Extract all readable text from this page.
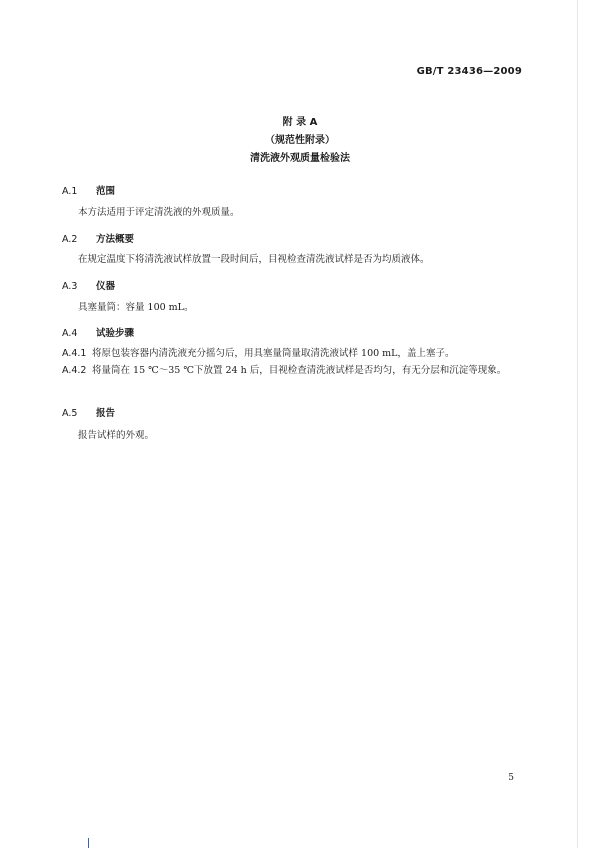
GB/T 23436—2009
附 录 A
（规范性附录）
清洗液外观质量检验法
A.1 范围
本方法适用于评定清洗液的外观质量。
A.2 方法概要
在规定温度下将清洗液试样放置一段时间后，目视检查清洗液试样是否为均质液体。
A.3 仪器
具塞量筒：容量 100 mL。
A.4 试验步骤
A.4.1 将原包装容器内清洗液充分摇匀后，用具塞量筒量取清洗液试样 100 mL，盖上塞子。
A.4.2 将量筒在 15 ℃～35 ℃下放置 24 h 后，目视检查清洗液试样是否均匀，有无分层和沉淀等现象。
A.5 报告
报告试样的外观。
5
